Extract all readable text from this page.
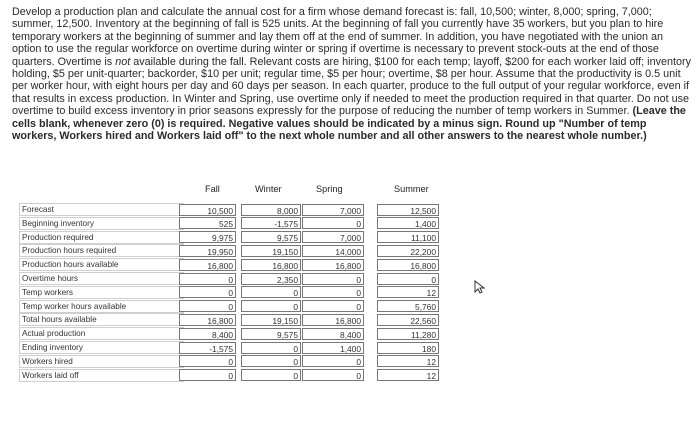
Develop a production plan and calculate the annual cost for a firm whose demand forecast is: fall, 10,500; winter, 8,000; spring, 7,000; summer, 12,500. Inventory at the beginning of fall is 525 units. At the beginning of fall you currently have 35 workers, but you plan to hire temporary workers at the beginning of summer and lay them off at the end of summer. In addition, you have negotiated with the union an option to use the regular workforce on overtime during winter or spring if overtime is necessary to prevent stock-outs at the end of those quarters. Overtime is not available during the fall. Relevant costs are hiring, $100 for each temp; layoff, $200 for each worker laid off; inventory holding, $5 per unit-quarter; backorder, $10 per unit; regular time, $5 per hour; overtime, $8 per hour. Assume that the productivity is 0.5 unit per worker hour, with eight hours per day and 60 days per season. In each quarter, produce to the full output of your regular workforce, even if that results in excess production. In Winter and Spring, use overtime only if needed to meet the production required in that quarter. Do not use overtime to build excess inventory in prior seasons expressly for the purpose of reducing the number of temp workers in Summer. (Leave the cells blank, whenever zero (0) is required. Negative values should be indicated by a minus sign. Round up "Number of temp workers, Workers hired and Workers laid off" to the next whole number and all other answers to the nearest whole number.)

Fall	Winter	Spring	Summer
Forecast	10,500	8,000	7,000	12,500
Beginning inventory	525	-1,575	0	1,400
Production required	9,975	9,575	7,000	11,100
Production hours required	19,950	19,150	14,000	22,200
Production hours available	16,800	16,800	16,800	16,800
Overtime hours	0	2,350	0	0
Temp workers	0	0	0	12
Temp worker hours available	0	0	0	5,760
Total hours available	16,800	19,150	16,800	22,560
Actual production	8,400	9,575	8,400	11,280
Ending inventory	-1,575	0	1,400	180
Workers hired	0	0	0	12
Workers laid off	0	0	0	12
